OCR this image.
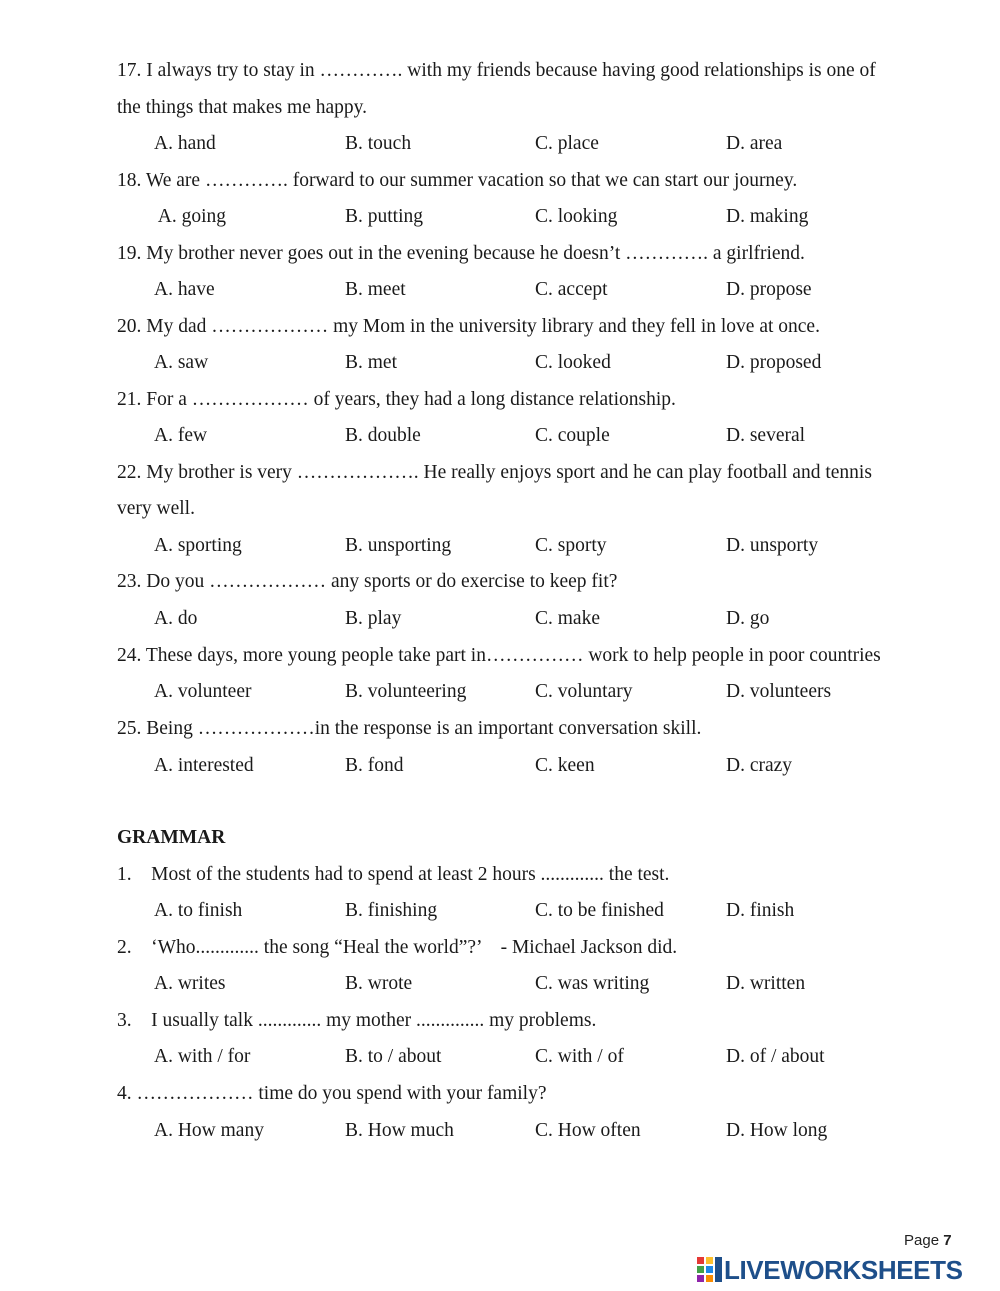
17. I always try to stay in …………. with my friends because having good relationships is one of
the things that makes me happy.
A. hand	B. touch	C. place	D. area
18. We are …………. forward to our summer vacation so that we can start our journey.
A. going	B. putting	C. looking	D. making
19. My brother never goes out in the evening because he doesn’t …………. a girlfriend.
A. have	B. meet	C. accept	D. propose
20. My dad ……………… my Mom in the university library and they fell in love at once.
A. saw	B. met	C. looked	D. proposed
21. For a ……………… of years, they had a long distance relationship.
A. few	B. double	C. couple	D. several
22. My brother is very ………………. He really enjoys sport and he can play football and tennis
very well.
A. sporting	B. unsporting	C. sporty	D. unsporty
23. Do you ……………… any sports or do exercise to keep fit?
A. do	B. play	C. make	D. go
24. These days, more young people take part in…………… work to help people in poor countries
A. volunteer	B. volunteering	C. voluntary	D. volunteers
25. Being ………………in the response is an important conversation skill.
A. interested	B. fond	C. keen	D. crazy
GRAMMAR
1.    Most of the students had to spend at least 2 hours ............. the test.
A. to finish	B. finishing	C. to be finished	D. finish
2.    ‘Who............. the song “Heal the world”?’    - Michael Jackson did.
A. writes	B. wrote	C. was writing	D. written
3.    I usually talk ............. my mother .............. my problems.
A. with / for	B. to / about	C. with / of	D. of / about
4. ……………… time do you spend with your family?
A. How many	B. How much	C. How often	D. How long
Page 7
LIVEWORKSHEETS
